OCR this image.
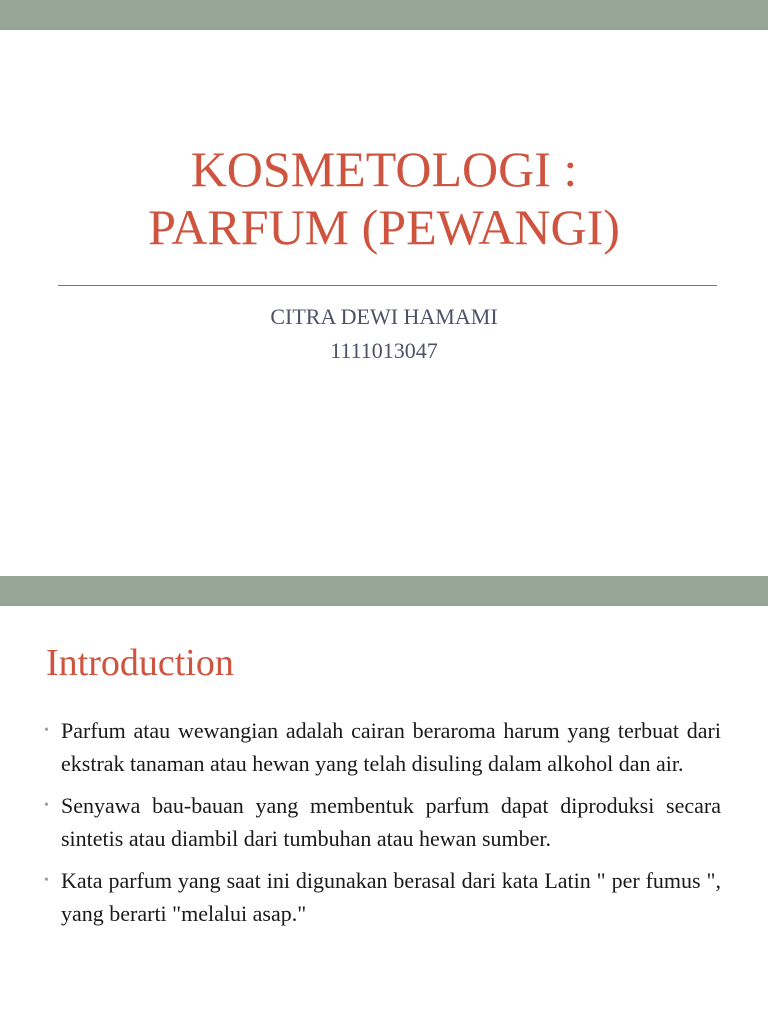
KOSMETOLOGI :
PARFUM (PEWANGI)
CITRA DEWI HAMAMI
1111013047
Introduction
• Parfum atau wewangian adalah cairan beraroma harum yang terbuat dari ekstrak tanaman atau hewan yang telah disuling dalam alkohol dan air.
• Senyawa bau-bauan yang membentuk parfum dapat diproduksi secara sintetis atau diambil dari tumbuhan atau hewan sumber.
• Kata parfum yang saat ini digunakan berasal dari kata Latin " per fumus ", yang berarti "melalui asap."
